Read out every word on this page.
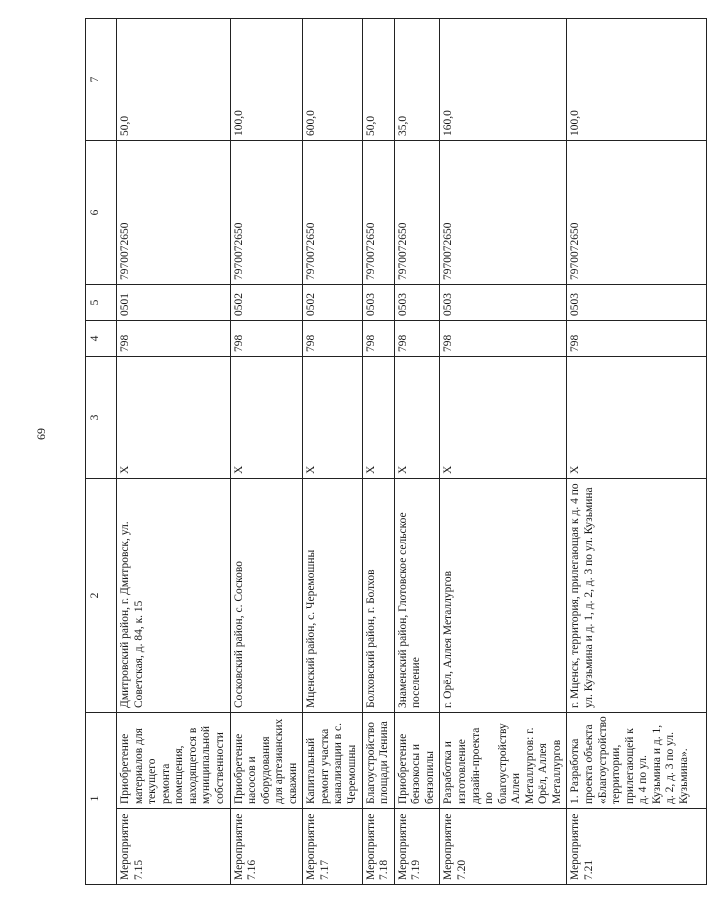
69
1		2	3	4	5	6	7
Мероприятие 7.15	Приобретение материалов для текущего ремонта помещения, находящегося в муниципальной собственности	Дмитровский район, г. Дмитровск, ул. Советская, д. 84, к. 15	Х	798	0501	7970072650	50,0
Мероприятие 7.16	Приобретение насосов и оборудования для артезианских скважин	Сосковский район, с. Сосково	Х	798	0502	7970072650	100,0
Мероприятие 7.17	Капитальный ремонт участка канализации в с. Черемошны	Мценский район, с. Черемошны	Х	798	0502	7970072650	600,0
Мероприятие 7.18	Благоустройство площади Ленина	Болховский район, г. Болхов	Х	798	0503	7970072650	50,0
Мероприятие 7.19	Приобретение бензокосы и бензопилы	Знаменский район, Глотовское сельское поселение	Х	798	0503	7970072650	35,0
Мероприятие 7.20	Разработка и изготовление дизайн-проекта по благоустройству Аллеи Металлургов: г. Орёл, Аллея Металлургов	г. Орёл, Аллея Металлургов	Х	798	0503	7970072650	160,0
Мероприятие 7.21	1. Разработка проекта объекта «Благоустройство территории, прилегающей к д. 4 по ул. Кузьмина и д. 1, д. 2, д. 3 по ул. Кузьмина».	г. Мценск, территория, прилегающая к д. 4 по ул. Кузьмина и д. 1, д. 2, д. 3 по ул. Кузьмина	Х	798	0503	7970072650	100,0
